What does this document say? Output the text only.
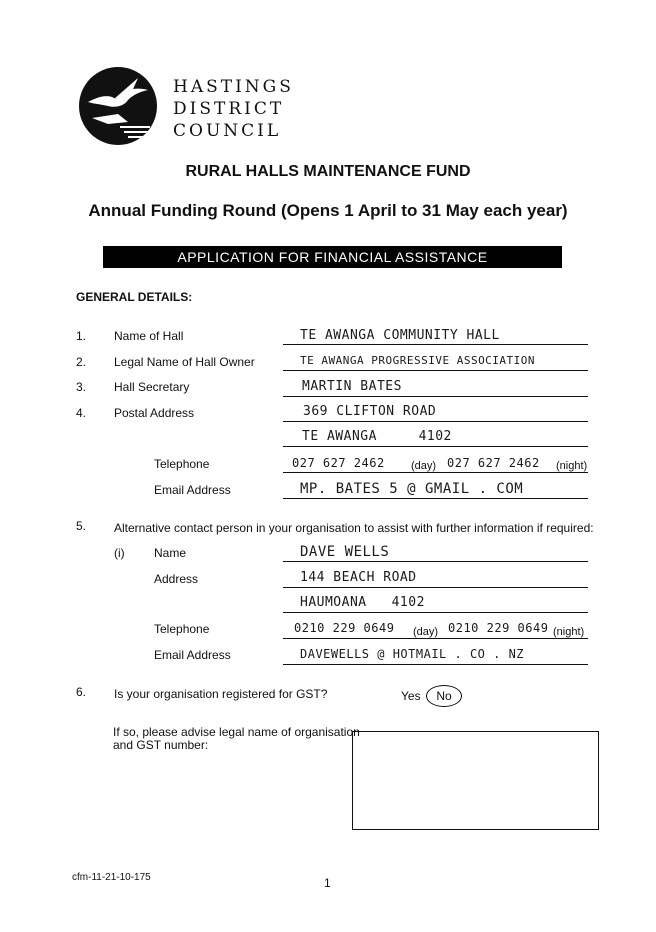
HASTINGS
DISTRICT
COUNCIL
RURAL HALLS MAINTENANCE FUND
Annual Funding Round (Opens 1 April to 31 May each year)
APPLICATION FOR FINANCIAL ASSISTANCE
GENERAL DETAILS:
1. Name of Hall	TE AWANGA COMMUNITY HALL
2. Legal Name of Hall Owner	TE AWANGA PROGRESSIVE ASSOCIATION
3. Hall Secretary	MARTIN BATES
4. Postal Address	369 CLIFTON ROAD
TE AWANGA     4102
Telephone	027 627 2462 (day) 027 627 2462 (night)
Email Address	MP. BATES 5 @ GMAIL . COM
5. Alternative contact person in your organisation to assist with further information if required:
(i) Name	DAVE WELLS
Address	144 BEACH ROAD
HAUMOANA   4102
Telephone	0210 229 0649 (day) 0210 229 0649 (night)
Email Address	DAVEWELLS @ HOTMAIL . CO . NZ
6. Is your organisation registered for GST?	Yes	No
If so, please advise legal name of organisation
and GST number:
cfm-11-21-10-175	1
